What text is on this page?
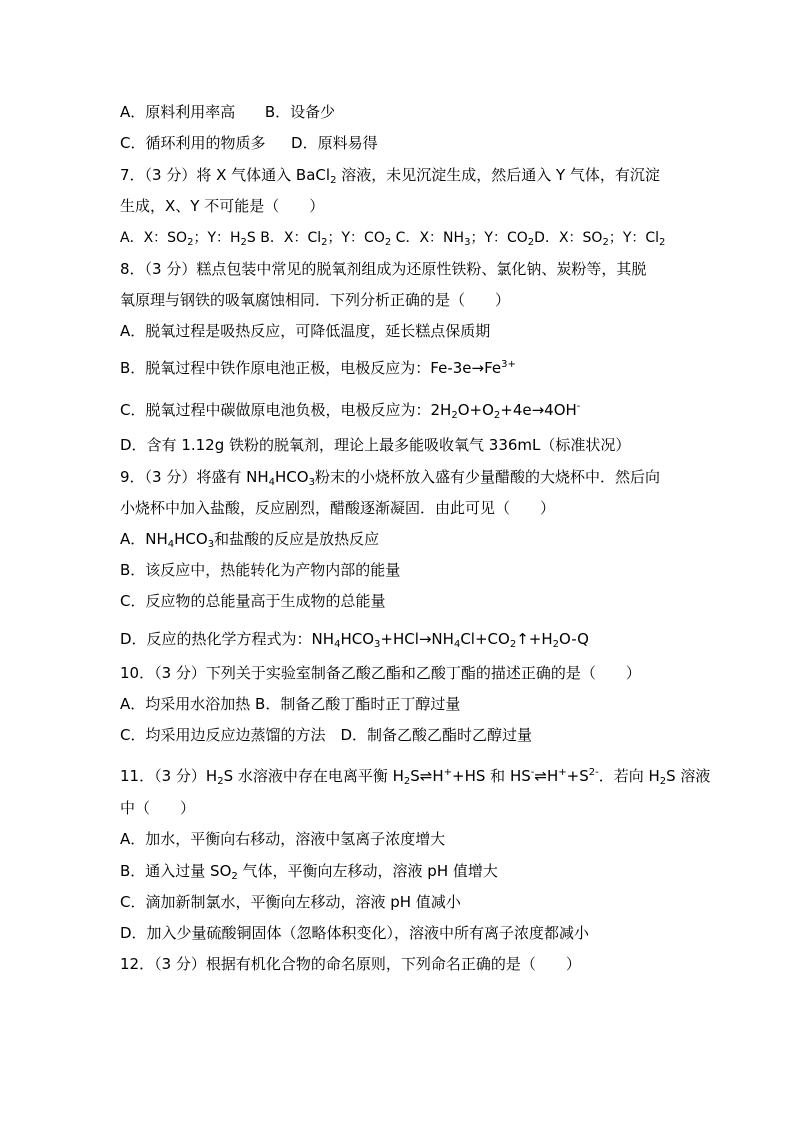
A．原料利用率高 B．设备少
C．循环利用的物质多 D．原料易得
7．（3 分）将 X 气体通入 BaCl$_2$ 溶液，未见沉淀生成，然后通入 Y 气体，有沉淀
生成，X、Y 不可能是（　　）
A．X：$SO_2$；Y：$H_2S$ B．X：$Cl_2$；Y：$CO_2$ C．X：$NH_3$；Y：$CO_2D$．X：$SO_2$；Y：$Cl_2$
8．（3 分）糕点包装中常见的脱氧剂组成为还原性铁粉、氯化钠、炭粉等，其脱
氧原理与钢铁的吸氧腐蚀相同．下列分析正确的是（　　）
A．脱氧过程是吸热反应，可降低温度，延长糕点保质期
B．脱氧过程中铁作原电池正极，电极反应为：$Fe-3e\to Fe^{3+}$
C．脱氧过程中碳做原电池负极，电极反应为：$2H_2O+O_2+4e\to 4OH^-$
D．含有 1.12g 铁粉的脱氧剂，理论上最多能吸收氧气 336mL（标准状况）
9．（3 分）将盛有 $NH_4HCO_3$粉末的小烧杯放入盛有少量醋酸的大烧杯中．然后向
小烧杯中加入盐酸，反应剧烈，醋酸逐渐凝固．由此可见（　　）
A．$NH_4HCO_3$和盐酸的反应是放热反应
B．该反应中，热能转化为产物内部的能量
C．反应物的总能量高于生成物的总能量
D．反应的热化学方程式为：$NH_4HCO_3+HCl\to NH_4Cl+CO_2↑+H_2O-Q$
10．（3 分）下列关于实验室制备乙酸乙酯和乙酸丁酯的描述正确的是（　　）
A．均采用水浴加热 B．制备乙酸丁酯时正丁醇过量
C．均采用边反应边蒸馏的方法　D．制备乙酸乙酯时乙醇过量
11．（3 分）$H_2S$ 水溶液中存在电离平衡 $H_2S\rightleftharpoons H^++HS$ 和 $HS^-\rightleftharpoons H^++S^{2-}$．若向 $H_2S$ 溶液
中（　　）
A．加水，平衡向右移动，溶液中氢离子浓度增大
B．通入过量 $SO_2$ 气体，平衡向左移动，溶液 pH 值增大
C．滴加新制氯水，平衡向左移动，溶液 pH 值减小
D．加入少量硫酸铜固体（忽略体积变化），溶液中所有离子浓度都减小
12．（3 分）根据有机化合物的命名原则，下列命名正确的是（　　）
